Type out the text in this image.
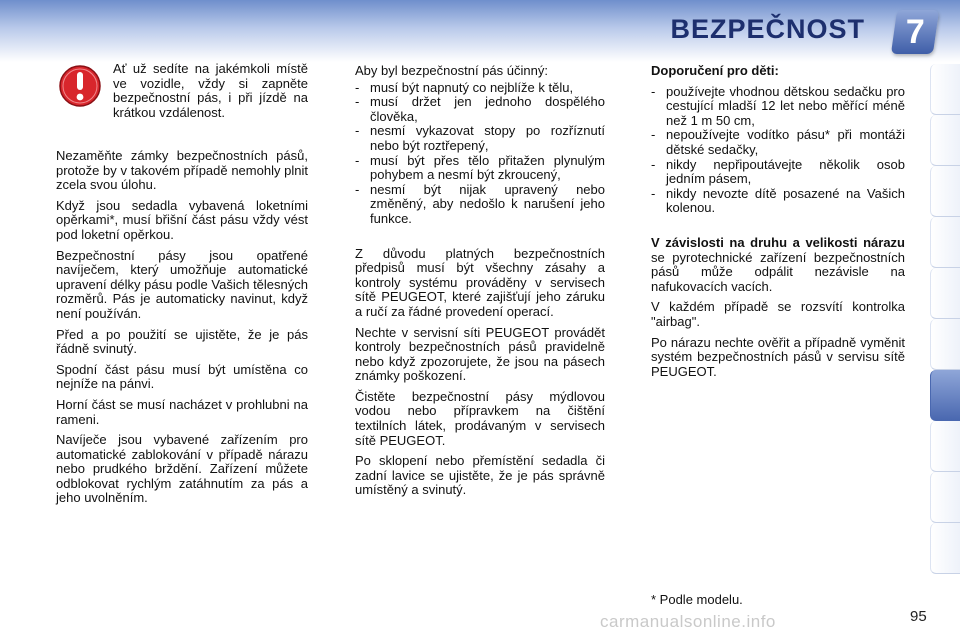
BEZPEČNOST 7
Ať už sedíte na jakémkoli místě ve vozidle, vždy si zapněte bezpečnostní pás, i při jízdě na krátkou vzdálenost.

Nezaměňte zámky bezpečnostních pásů, protože by v takovém případě nemohly plnit zcela svou úlohu.

Když jsou sedadla vybavená loketními opěrkami*, musí břišní část pásu vždy vést pod loketní opěrkou.

Bezpečnostní pásy jsou opatřené navíječem, který umožňuje automatické upravení délky pásu podle Vašich tělesných rozměrů. Pás je automaticky navinut, když není používán.

Před a po použití se ujistěte, že je pás řádně svinutý.

Spodní část pásu musí být umístěna co nejníže na pánvi.

Horní část se musí nacházet v prohlubni na rameni.

Navíječe jsou vybavené zařízením pro automatické zablokování v případě nárazu nebo prudkého brždění. Zařízení můžete odblokovat rychlým zatáhnutím za pás a jeho uvolněním.

Aby byl bezpečnostní pás účinný:

- musí být napnutý co nejblíže k tělu,
- musí držet jen jednoho dospělého člověka,
- nesmí vykazovat stopy po rozříznutí nebo být roztřepený,
- musí být přes tělo přitažen plynulým pohybem a nesmí být zkroucený,
- nesmí být nijak upravený nebo změněný, aby nedošlo k narušení jeho funkce.

Z důvodu platných bezpečnostních předpisů musí být všechny zásahy a kontroly systému prováděny v servisech sítě PEUGEOT, které zajišťují jeho záruku a ručí za řádné provedení operací.

Nechte v servisní síti PEUGEOT provádět kontroly bezpečnostních pásů pravidelně nebo když zpozorujete, že jsou na pásech známky poškození.

Čistěte bezpečnostní pásy mýdlovou vodou nebo přípravkem na čištění textilních látek, prodávaným v servisech sítě PEUGEOT.

Po sklopení nebo přemístění sedadla či zadní lavice se ujistěte, že je pás správně umístěný a svinutý.

Doporučení pro děti:

- používejte vhodnou dětskou sedačku pro cestující mladší 12 let nebo měřící méně než 1 m 50 cm,
- nepoužívejte vodítko pásu* při montáži dětské sedačky,
- nikdy nepřipoutávejte několik osob jedním pásem,
- nikdy nevozte dítě posazené na Vašich kolenou.

V závislosti na druhu a velikosti nárazu se pyrotechnické zařízení bezpečnostních pásů může odpálit nezávisle na nafukovacích vacích.

V každém případě se rozsvítí kontrolka "airbag".

Po nárazu nechte ověřit a případně vyměnit systém bezpečnostních pásů v servisu sítě PEUGEOT.

* Podle modelu.
carmanualsonline.info	95
